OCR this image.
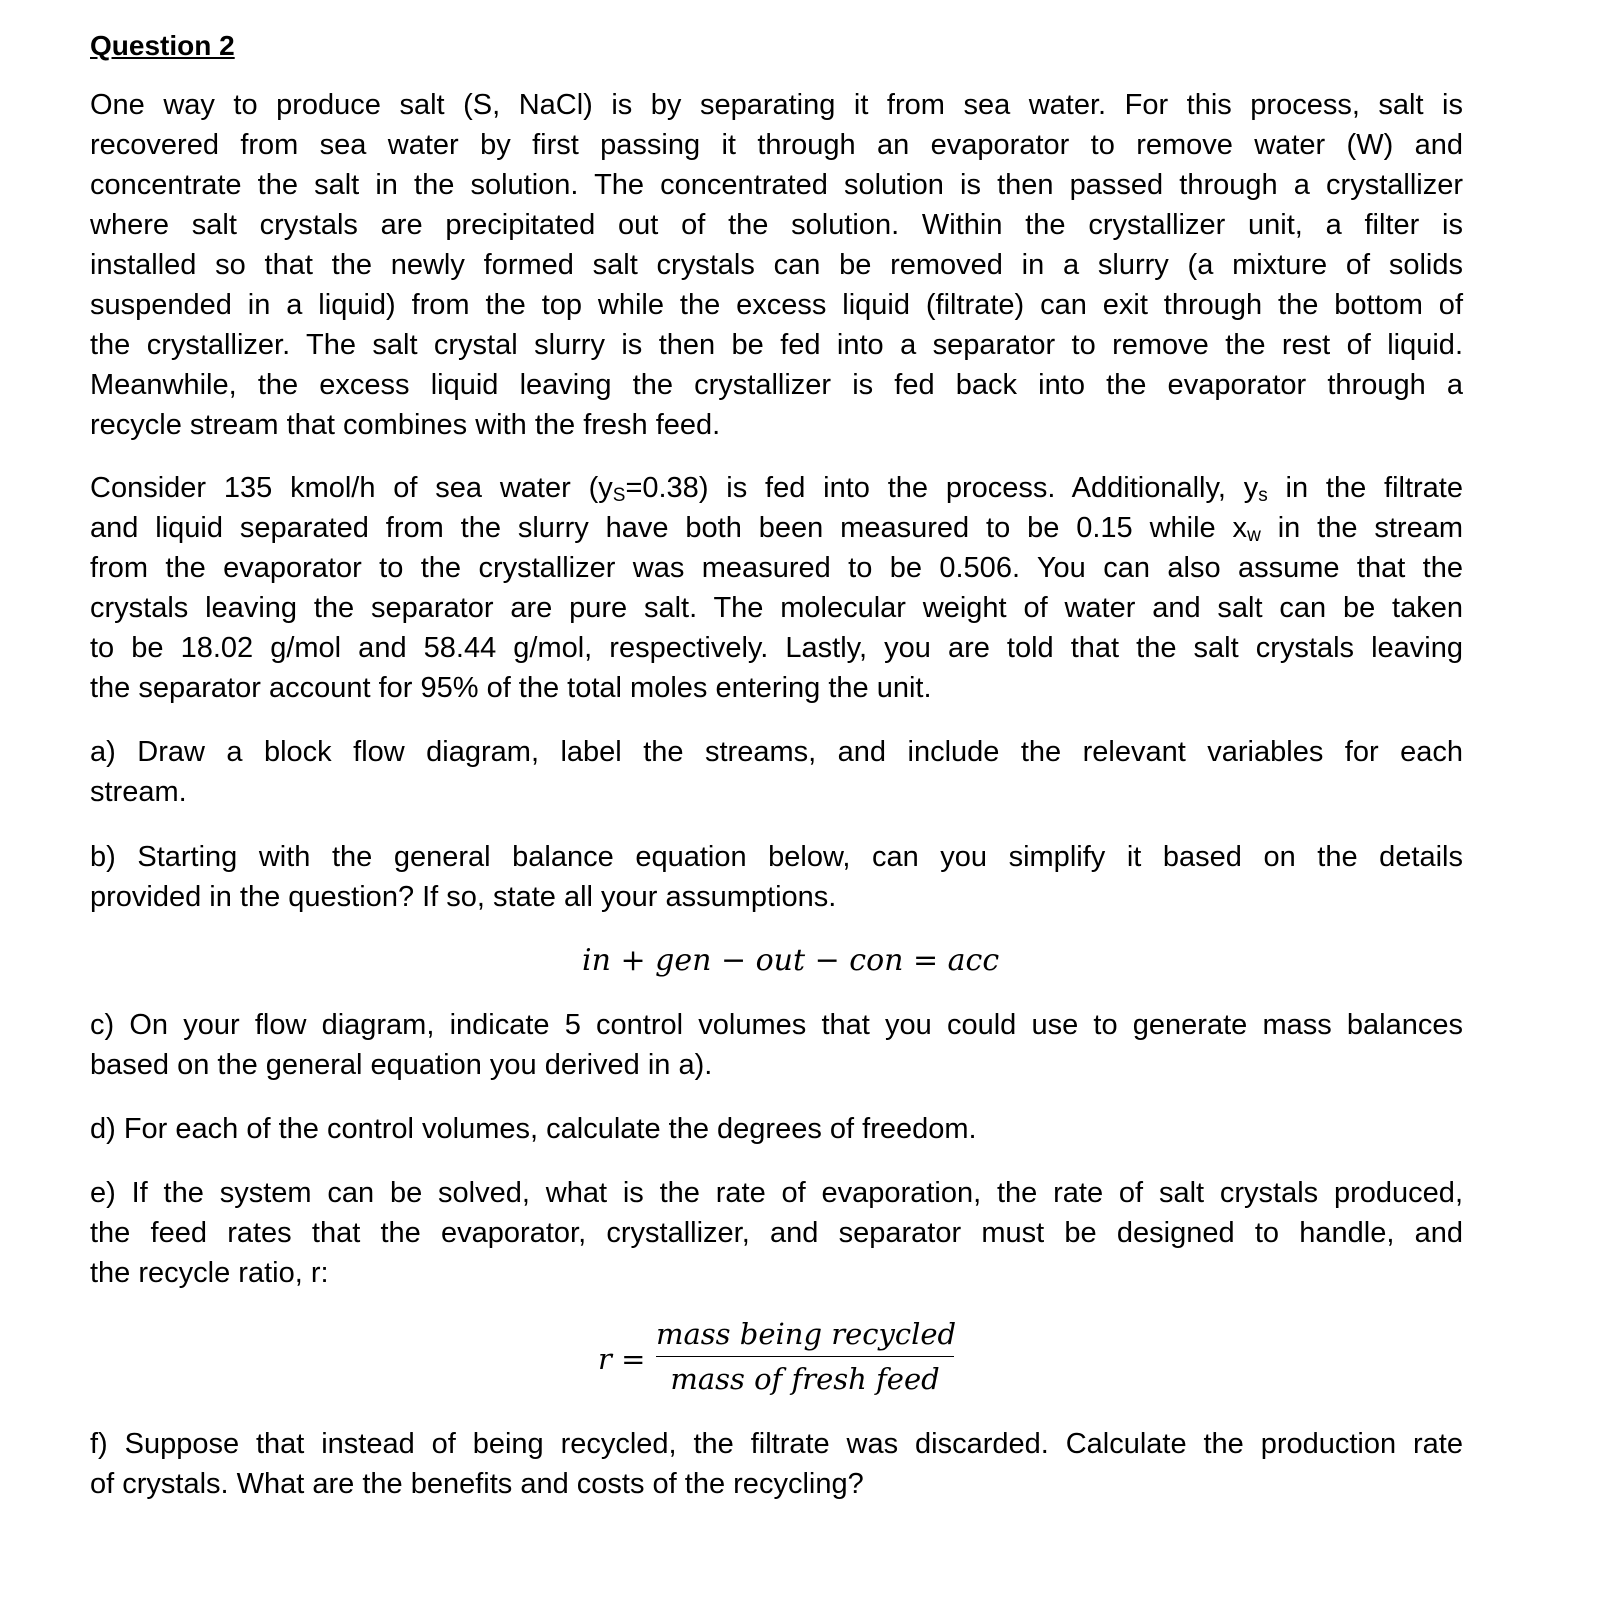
Question 2
One way to produce salt (S, NaCl) is by separating it from sea water. For this process, salt is
recovered from sea water by first passing it through an evaporator to remove water (W) and
concentrate the salt in the solution. The concentrated solution is then passed through a crystallizer
where salt crystals are precipitated out of the solution. Within the crystallizer unit, a filter is
installed so that the newly formed salt crystals can be removed in a slurry (a mixture of solids
suspended in a liquid) from the top while the excess liquid (filtrate) can exit through the bottom of
the crystallizer. The salt crystal slurry is then be fed into a separator to remove the rest of liquid.
Meanwhile, the excess liquid leaving the crystallizer is fed back into the evaporator through a
recycle stream that combines with the fresh feed.
Consider 135 kmol/h of sea water $(y_S=0.38)$ is fed into the process. Additionally, $y_s$ in the filtrate
and liquid separated from the slurry have both been measured to be 0.15 while $x_w$ in the stream
from the evaporator to the crystallizer was measured to be 0.506. You can also assume that the
crystals leaving the separator are pure salt. The molecular weight of water and salt can be taken
to be 18.02 g/mol and 58.44 g/mol, respectively. Lastly, you are told that the salt crystals leaving
the separator account for 95% of the total moles entering the unit.
a) Draw a block flow diagram, label the streams, and include the relevant variables for each
stream.
b) Starting with the general balance equation below, can you simplify it based on the details
provided in the question? If so, state all your assumptions.
c) On your flow diagram, indicate 5 control volumes that you could use to generate mass balances
based on the general equation you derived in a).
d) For each of the control volumes, calculate the degrees of freedom.
e) If the system can be solved, what is the rate of evaporation, the rate of salt crystals produced,
the feed rates that the evaporator, crystallizer, and separator must be designed to handle, and
the recycle ratio, r:
f) Suppose that instead of being recycled, the filtrate was discarded. Calculate the production rate
of crystals. What are the benefits and costs of the recycling?
in + gen − out − con = acc
r =
mass being recycled
mass of fresh feed
